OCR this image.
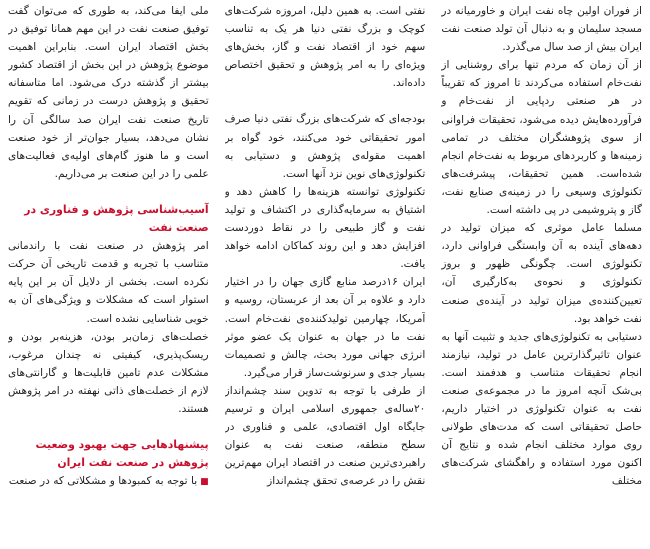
از فوران اولین چاه نفت ایران و خاورمیانه در مسجد سلیمان و به دنبال آن تولد صنعت نفت ایران بیش از صد سال می‌گذرد.

از آن زمان که مردم تنها برای روشنایی از نفت‌خام استفاده می‌کردند تا امروز که تقریباً در هر صنعتی ردپایی از نفت‌خام و فرآورده‌هایش دیده می‌شود، تحقیقات فراوانی از سوی پژوهشگران مختلف در تمامی زمینه‌ها و کاربردهای مربوط به نفت‌خام انجام شده‌است. همین تحقیقات، پیشرفت‌های تکنولوژی وسیعی را در زمینه‌ی صنایع نفت، گاز و پتروشیمی در پی داشته است.

مسلما عامل موثری که میزان تولید در دهه‌های آینده به آن وابستگی فراوانی دارد، تکنولوژی است. چگونگی ظهور و بروز تکنولوژی و نحوه‌ی به‌کارگیری آن، تعیین‌کننده‌ی میزان تولید در آینده‌ی صنعت نفت خواهد بود.

دستیابی به تکنولوژی‌های جدید و تثبیت آنها به عنوان تاثیرگذارترین عامل در تولید، نیازمند انجام تحقیقات متناسب و هدفمند است. بی‌شک آنچه امروز ما در مجموعه‌ی صنعت نفت به عنوان تکنولوژی در اختیار داریم، حاصل تحقیقاتی است که مدت‌های طولانی روی موارد مختلف انجام شده و نتایج آن اکنون مورد استفاده و راهگشای شرکت‌های مختلف

نفتی است. به همین دلیل، امروزه شرکت‌های کوچک و بزرگ نفتی دنیا هر یک به تناسب سهم خود از اقتصاد نفت و گاز، بخش‌های ویژه‌ای را به امر پژوهش و تحقیق اختصاص داده‌اند.

بودجه‌ای که شرکت‌های بزرگ نفتی دنیا صرف امور تحقیقاتی خود می‌کنند، خود گواه بر اهمیت مقوله‌ی پژوهش و دستیابی به تکنولوژی‌های نوین نزد آنها است.

تکنولوژی توانسته هزینه‌ها را کاهش دهد و اشتیاق به سرمایه‌گذاری در اکتشاف و تولید نفت و گاز طبیعی را در نقاط دوردست افزایش دهد و این روند کماکان ادامه خواهد یافت.

ایران ۱۶درصد منابع گازی جهان را در اختیار دارد و علاوه بر آن بعد از عربستان، روسیه و آمریکا، چهارمین تولیدکننده‌ی نفت‌خام است. نفت ما در جهان به عنوان یک عضو موثر انرژی جهانی مورد بحث، چالش و تصمیمات بسیار جدی و سرنوشت‌ساز قرار می‌گیرد.

از طرفی با توجه به تدوین سند چشم‌انداز ۲۰ساله‌ی جمهوری اسلامی ایران و ترسیم جایگاه اول اقتصادی، علمی و فناوری در سطح منطقه، صنعت نفت به عنوان راهبردی‌ترین صنعت در اقتصاد ایران مهم‌ترین نقش را در عرصه‌ی تحقق چشم‌انداز

ملی ایفا می‌کند، به طوری که می‌توان گفت توفیق صنعت نفت در این مهم همانا توفیق در بخش اقتصاد ایران است. بنابراین اهمیت موضوع پژوهش در این بخش از اقتصاد کشور بیشتر از گذشته درک می‌شود. اما متاسفانه تحقیق و پژوهش درست در زمانی که تقویم تاریخ صنعت نفت ایران صد سالگی آن را نشان می‌دهد، بسیار جوان‌تر از خود صنعت است و ما هنوز گام‌های اولیه‌ی فعالیت‌های علمی را در این صنعت بر می‌داریم.

آسیب‌شناسی پژوهش و فناوری در صنعت نفت

امر پژوهش در صنعت نفت با راندمانی متناسب با تجربه و قدمت تاریخی آن حرکت نکرده است. بخشی از دلایل آن بر این پایه استوار است که مشکلات و ویژگی‌های آن به خوبی شناسایی نشده است.

خصلت‌های زمان‌بر بودن، هزینه‌بر بودن و ریسک‌پذیری، کیفیتی نه چندان مرغوب، مشکلات عدم تامین قابلیت‌ها و گارانتی‌های لازم از خصلت‌های ذاتی نهفته در امر پژوهش هستند.

پیشنهادهایی جهت بهبود وضعیت پژوهش در صنعت نفت ایران

■با توجه به کمبودها و مشکلاتی که در صنعت
